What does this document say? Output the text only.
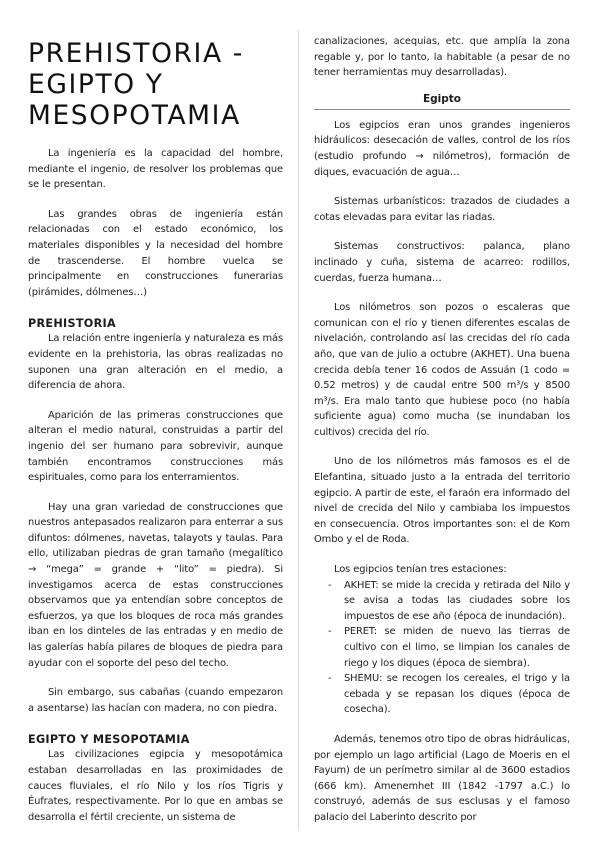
PREHISTORIA - EGIPTO Y MESOPOTAMIA

La ingeniería es la capacidad del hombre, mediante el ingenio, de resolver los problemas que se le presentan.

Las grandes obras de ingeniería están relacionadas con el estado económico, los materiales disponibles y la necesidad del hombre de trascenderse. El hombre vuelca se principalmente en construcciones funerarias (pirámides, dólmenes…)

PREHISTORIA

La relación entre ingeniería y naturaleza es más evidente en la prehistoria, las obras realizadas no suponen una gran alteración en el medio, a diferencia de ahora.

Aparición de las primeras construcciones que alteran el medio natural, construidas a partir del ingenio del ser humano para sobrevivir, aunque también encontramos construcciones más espirituales, como para los enterramientos.

Hay una gran variedad de construcciones que nuestros antepasados realizaron para enterrar a sus difuntos: dólmenes, navetas, talayots y taulas. Para ello, utilizaban piedras de gran tamaño (megalítico → “mega” = grande + “lito” = piedra). Si investigamos acerca de estas construcciones observamos que ya entendían sobre conceptos de esfuerzos, ya que los bloques de roca más grandes iban en los dinteles de las entradas y en medio de las galerías había pilares de bloques de piedra para ayudar con el soporte del peso del techo.

Sin embargo, sus cabañas (cuando empezaron a asentarse) las hacían con madera, no con piedra.

EGIPTO Y MESOPOTAMIA

Las civilizaciones egipcia y mesopotámica estaban desarrolladas en las proximidades de cauces fluviales, el río Nilo y los ríos Tigris y Éufrates, respectivamente. Por lo que en ambas se desarrolla el fértil creciente, un sistema de

canalizaciones, acequias, etc. que amplía la zona regable y, por lo tanto, la habitable (a pesar de no tener herramientas muy desarrolladas).

Egipto

Los egipcios eran unos grandes ingenieros hidráulicos: desecación de valles, control de los ríos (estudio profundo → nilómetros), formación de diques, evacuación de agua…

Sistemas urbanísticos: trazados de ciudades a cotas elevadas para evitar las riadas.

Sistemas constructivos: palanca, plano inclinado y cuña, sistema de acarreo: rodillos, cuerdas, fuerza humana…

Los nilómetros son pozos o escaleras que comunican con el río y tienen diferentes escalas de nivelación, controlando así las crecidas del río cada año, que van de julio a octubre (AKHET). Una buena crecida debía tener 16 codos de Assuán (1 codo = 0.52 metros) y de caudal entre 500 m³/s y 8500 m³/s. Era malo tanto que hubiese poco (no había suficiente agua) como mucha (se inundaban los cultivos) crecida del río.

Uno de los nilómetros más famosos es el de Elefantina, situado justo a la entrada del territorio egipcio. A partir de este, el faraón era informado del nivel de crecida del Nilo y cambiaba los impuestos en consecuencia. Otros importantes son: el de Kom Ombo y el de Roda.

Los egipcios tenían tres estaciones:

- AKHET: se mide la crecida y retirada del Nilo y se avisa a todas las ciudades sobre los impuestos de ese año (época de inundación).
- PERET: se miden de nuevo las tierras de cultivo con el limo, se limpian los canales de riego y los diques (época de siembra).
- SHEMU: se recogen los cereales, el trigo y la cebada y se repasan los diques (época de cosecha).

Además, tenemos otro tipo de obras hidráulicas, por ejemplo un lago artificial (Lago de Moeris en el Fayum) de un perímetro similar al de 3600 estadios (666 km). Amenemhet III (1842 -1797 a.C.) lo construyó, además de sus esclusas y el famoso palacio del Laberinto descrito por
